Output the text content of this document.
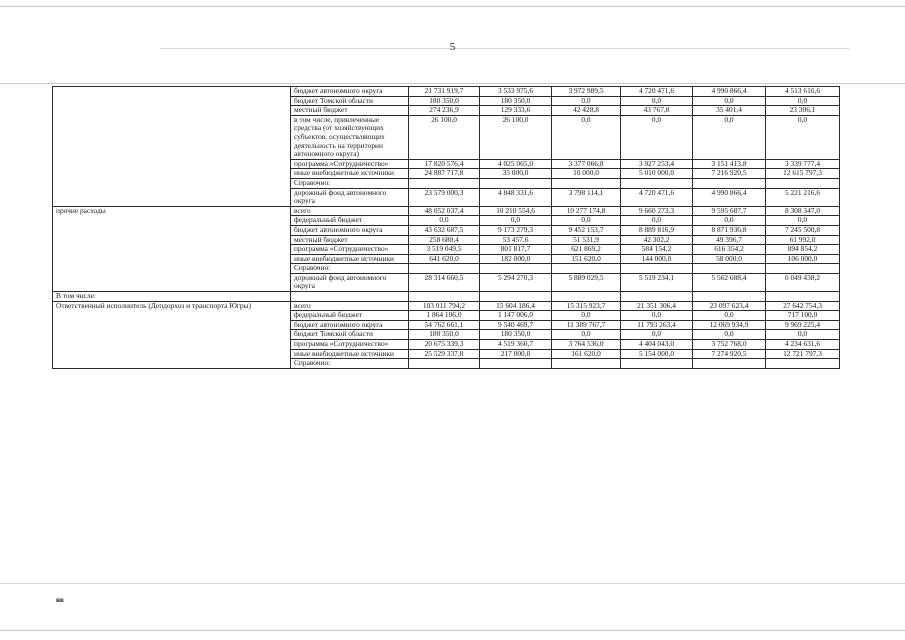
5
	бюджет автономного округа	21 731 919,7	3 533 975,6	3 972 989,5	4 720 471,6	4 990 866,4	4 513 616,6
	бюджет Томской области	180 350,0	180 350,0	0,0	0,0	0,0	0,0
	местный бюджет	274 236,9	129 333,6	42 428,8	43 767,0	35 401,4	23 306,1
	в том числе, привлеченные средства (от хозяйствующих субъектов, осуществляющих деятельность на территории автономного округа)	26 100,0	26 100,0	0,0	0,0	0,0	0,0
	программа «Сотрудничество»	17 820 576,4	4 025 065,0	3 377 066,8	3 927 253,4	3 151 413,8	3 339 777,4
	иные внебюджетные источники	24 887 717,8	35 000,0	10 000,0	5 010 000,0	7 216 920,5	12 615 797,3
	Справочно:						
	дорожный фонд автономного округа	23 579 000,3	4 848 331,6	3 798 114,1	4 720 471,6	4 990 866,4	5 221 216,6
прочие расходы	всего	48 052 037,4	10 210 554,6	10 277 174,8	9 660 273,3	9 595 687,7	8 308 347,0
	федеральный бюджет	0,0	0,0	0,0	0,0	0,0	0,0
	бюджет автономного округа	43 632 687,5	9 173 279,3	9 452 153,7	8 889 816,9	8 871 936,8	7 245 500,8
	местный бюджет	258 680,4	53 457,6	51 531,9	42 302,2	49 396,7	61 992,0
	программа «Сотрудничество»	3 519 049,5	801 817,7	621 869,2	584 154,2	616 354,2	894 854,2
	иные внебюджетные источники	641 620,0	182 000,0	151 620,0	144 000,0	58 000,0	106 000,0
	Справочно:						
	дорожный фонд автономного округа	28 314 660,5	5 294 270,3	5 889 029,5	5 519 234,1	5 562 688,4	6 049 438,2
В том числе:							
Ответственный исполнитель (Депдорхоз и транспорта Югры)	всего	103 011 794,2	15 604 186,4	15 315 923,7	21 351 306,4	23 097 623,4	27 642 754,3
	федеральный бюджет	1 864 106,0	1 147 006,0	0,0	0,0	0,0	717 100,0
	бюджет автономного округа	54 762 661,1	9 540 469,7	11 389 767,7	11 793 263,4	12 069 934,9	9 969 225,4
	бюджет Томской области	180 350,0	180 350,0	0,0	0,0	0,0	0,0
	программа «Сотрудничество»	20 675 339,3	4 519 360,7	3 764 536,0	4 404 043,0	3 752 768,0	4 234 631,6
	иные внебюджетные источники	25 529 337,8	217 000,0	161 620,0	5 154 000,0	7 274 920,5	12 721 797,3
	Справочно:						
нв
